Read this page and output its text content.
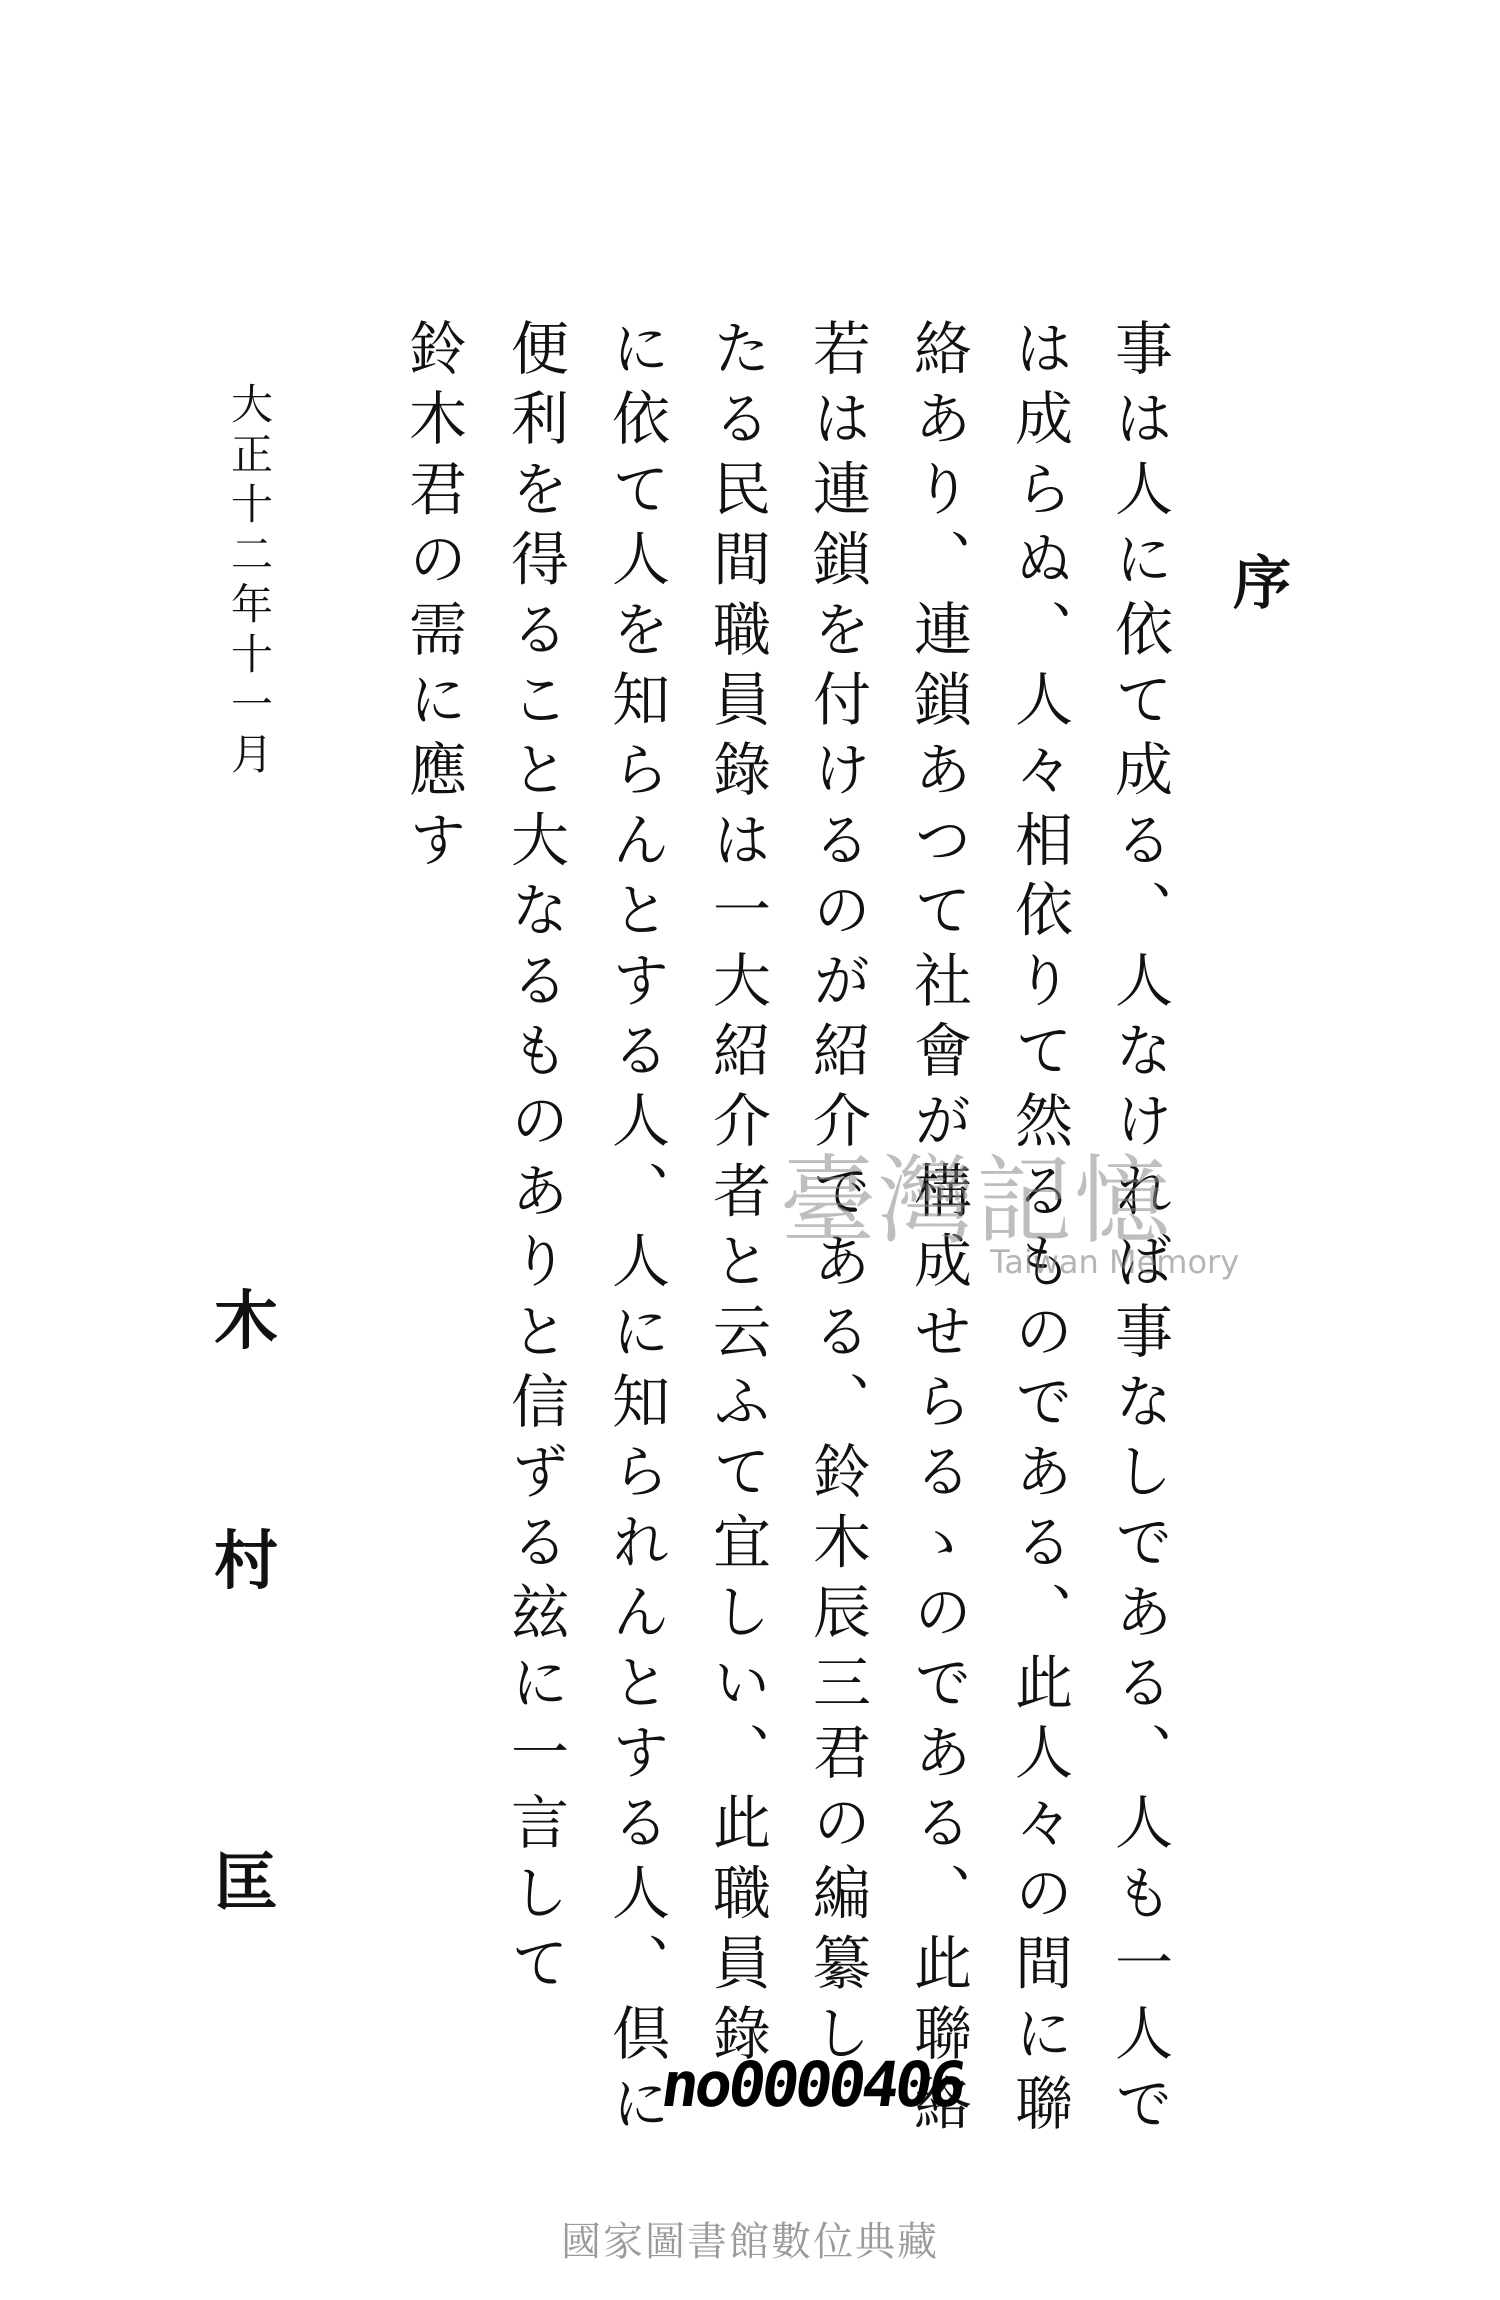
序
事は人に依て成る、人なければ事なしである、人も一人で
は成らぬ、人々相依りて然るものである、此人々の間に聯
絡あり、連鎖あつて社會が構成せらるゝのである、此聯絡
若は連鎖を付けるのが紹介である、鈴木辰三君の編纂し
たる民間職員錄は一大紹介者と云ふて宜しい、此職員錄
に依て人を知らんとする人、人に知られんとする人、倶に
便利を得ること大なるものありと信ずる玆に一言して
鈴木君の需に應す
大正十二年十一月
木
村
匡
no0000406
臺灣記憶
Taiwan Memory
國家圖書館數位典藏
